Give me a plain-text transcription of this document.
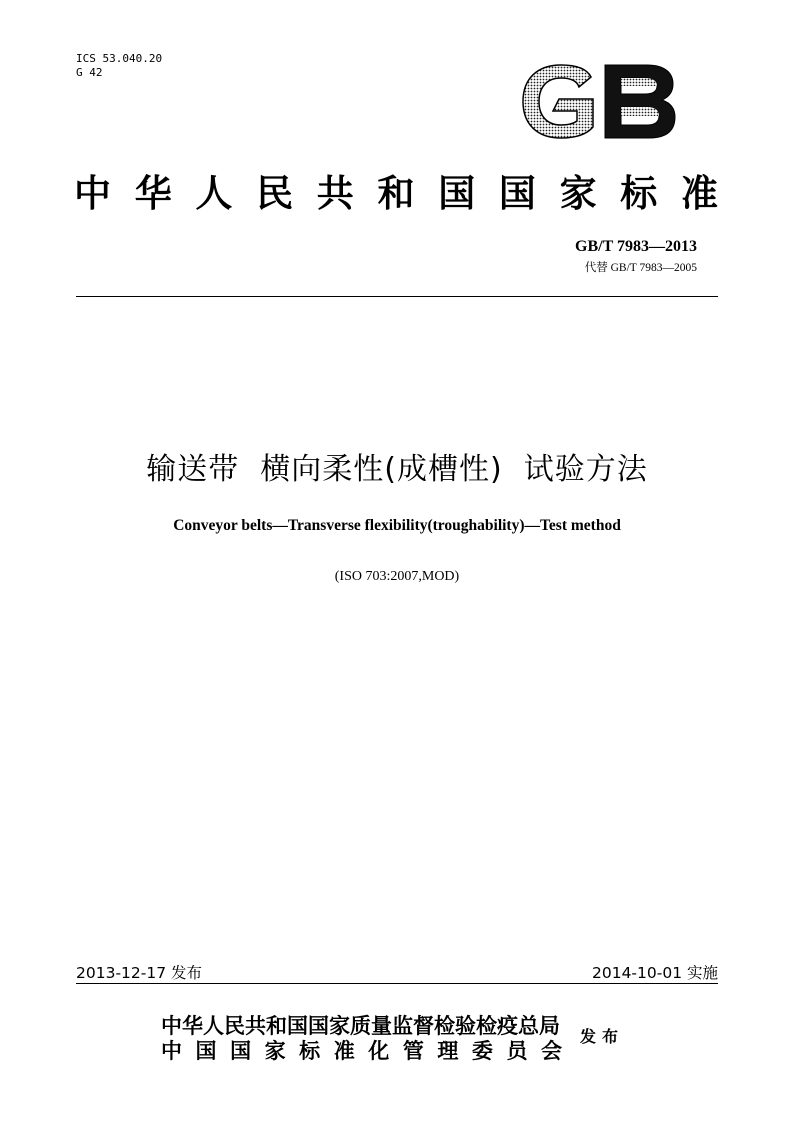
ICS 53.040.20
G 42
GB
中华人民共和国国家标准
GB/T 7983—2013
代替 GB/T 7983—2005
输送带  横向柔性(成槽性)  试验方法
Conveyor belts—Transverse flexibility(troughability)—Test method
(ISO 703:2007,MOD)
2013-12-17 发布	2014-10-01 实施
中华人民共和国国家质量监督检验检疫总局
中国国家标准化管理委员会
发布
